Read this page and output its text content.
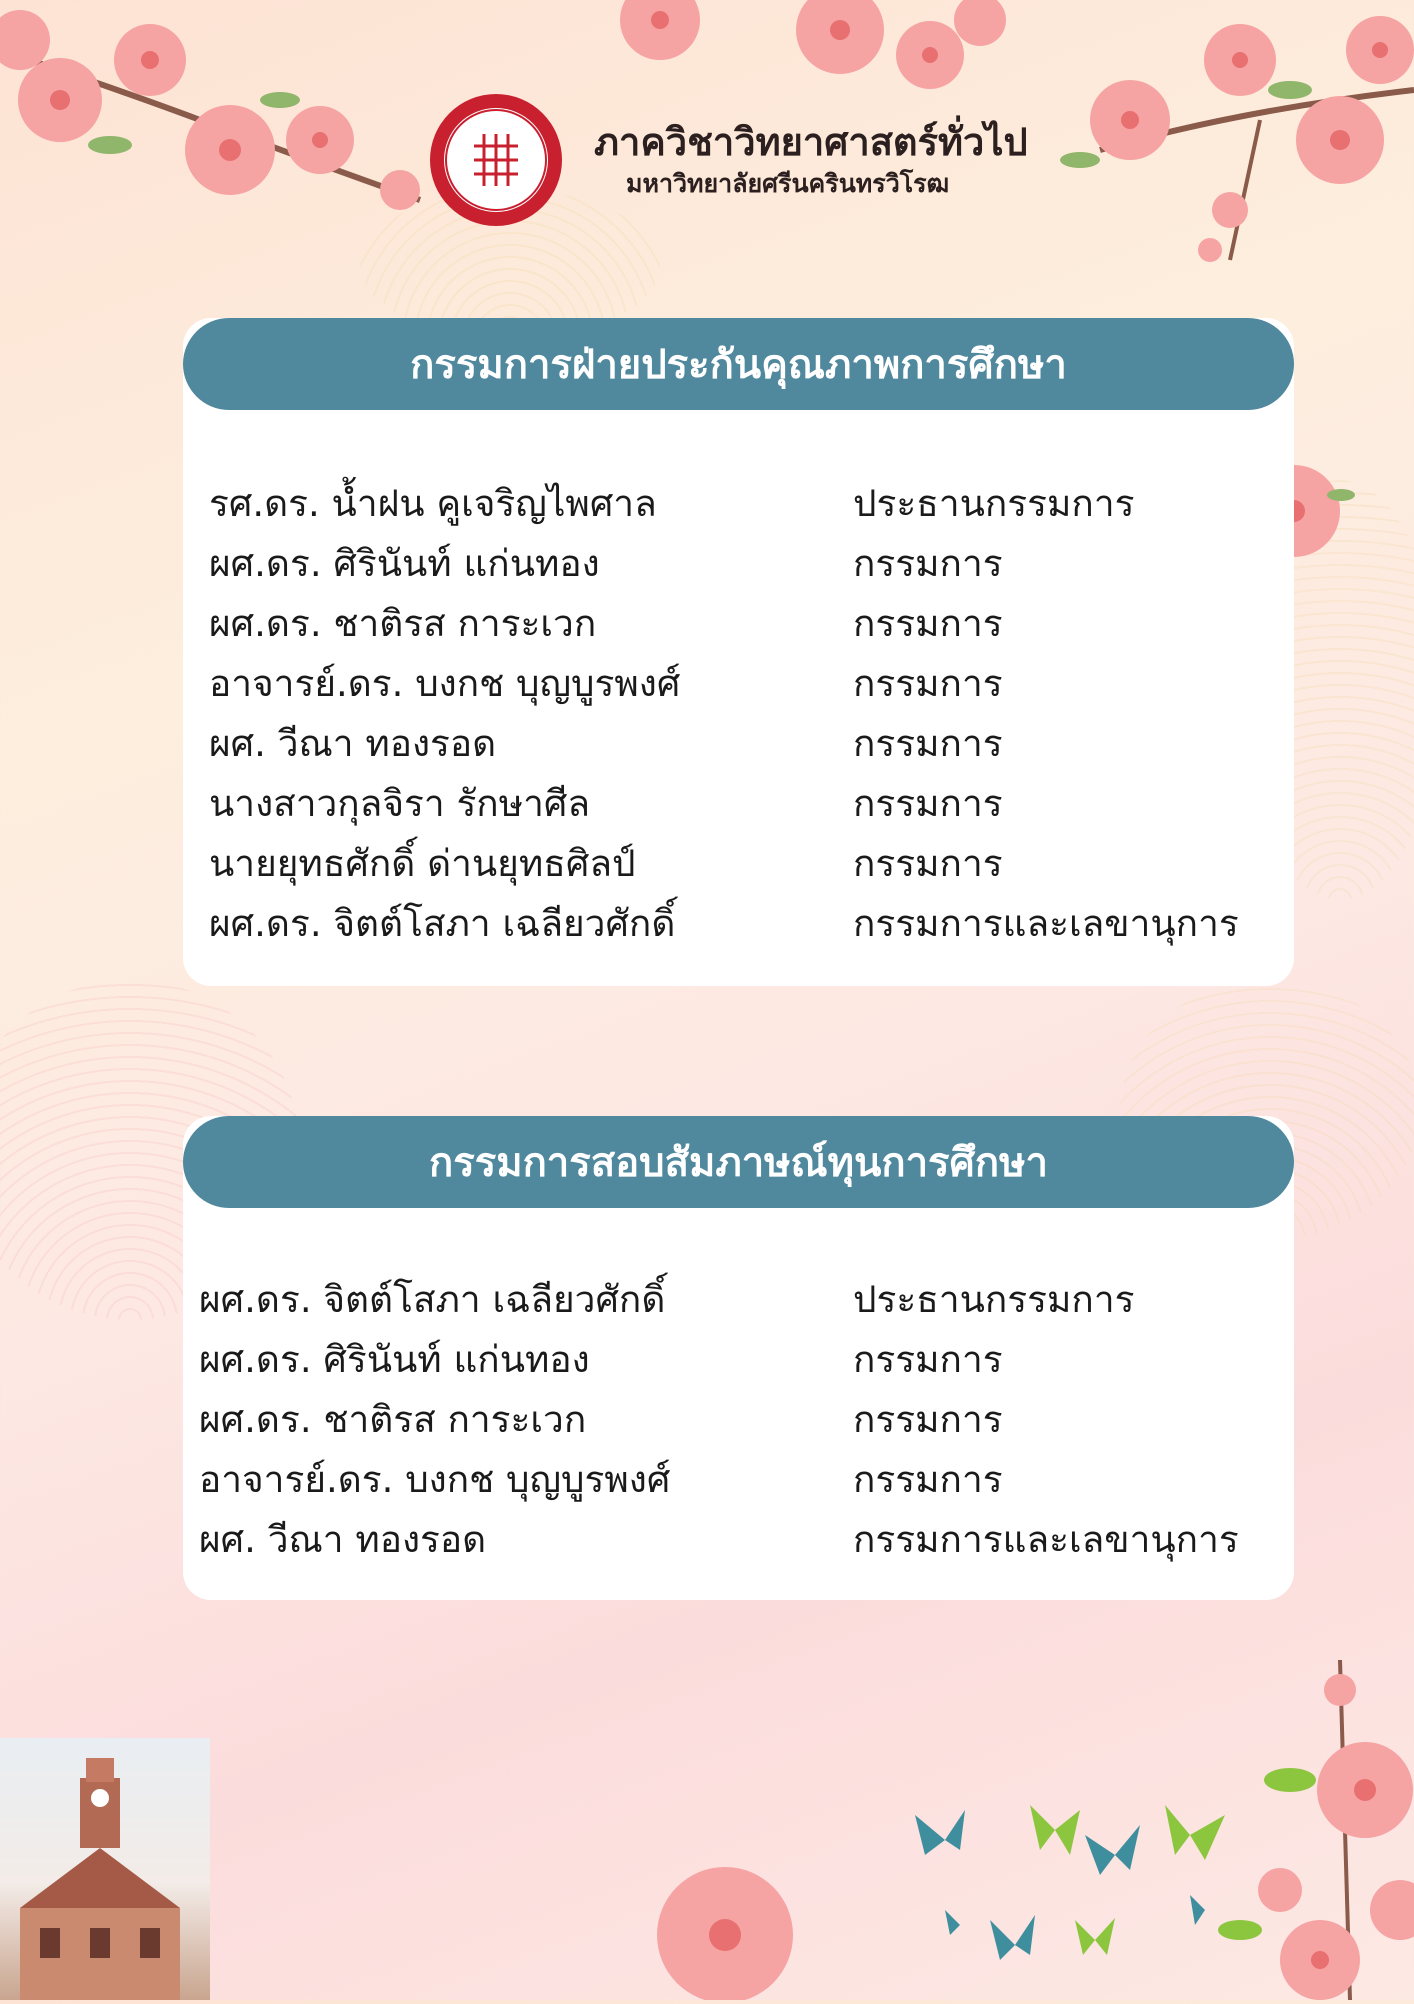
ภาควิชาวิทยาศาสตร์ทั่วไป
มหาวิทยาลัยศรีนครินทรวิโรฒ
กรรมการฝ่ายประกันคุณภาพการศึกษา
รศ.ดร. น้ำฝน คูเจริญไพศาล	ประธานกรรมการ
ผศ.ดร. ศิรินันท์ แก่นทอง	กรรมการ
ผศ.ดร. ชาติรส การะเวก	กรรมการ
อาจารย์.ดร. บงกช บุญบูรพงศ์	กรรมการ
ผศ. วีณา ทองรอด	กรรมการ
นางสาวกุลจิรา รักษาศีล	กรรมการ
นายยุทธศักดิ์ ด่านยุทธศิลป์	กรรมการ
ผศ.ดร. จิตต์โสภา เฉลียวศักดิ์	กรรมการและเลขานุการ
กรรมการสอบสัมภาษณ์ทุนการศึกษา
ผศ.ดร. จิตต์โสภา เฉลียวศักดิ์	ประธานกรรมการ
ผศ.ดร. ศิรินันท์ แก่นทอง	กรรมการ
ผศ.ดร. ชาติรส การะเวก	กรรมการ
อาจารย์.ดร. บงกช บุญบูรพงศ์	กรรมการ
ผศ. วีณา ทองรอด	กรรมการและเลขานุการ
